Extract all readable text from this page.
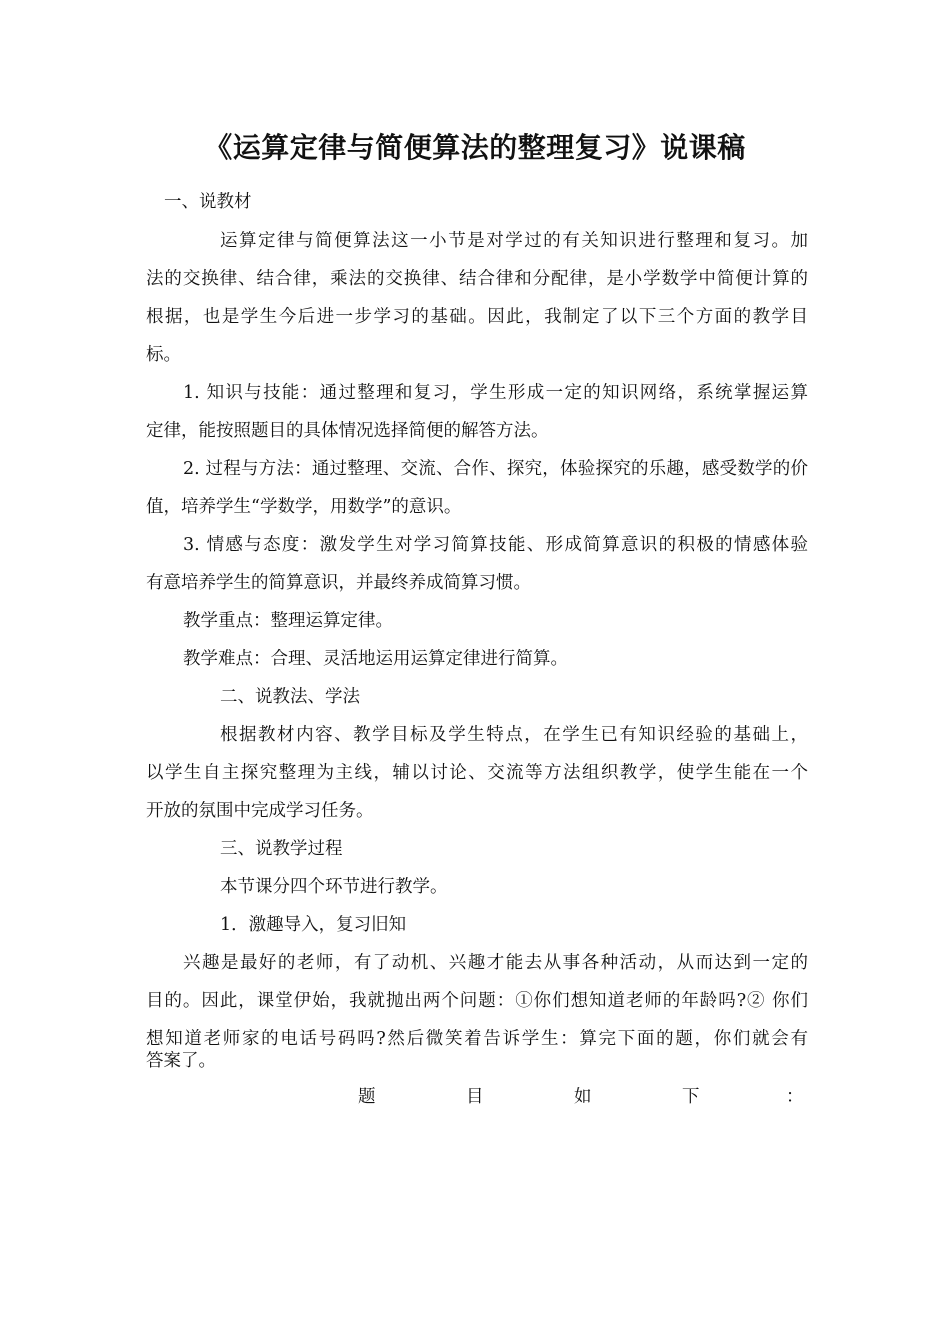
《运算定律与简便算法的整理复习》说课稿
一、说教材
运算定律与简便算法这一小节是对学过的有关知识进行整理和复习。加
法的交换律、结合律，乘法的交换律、结合律和分配律，是小学数学中简便计算的
根据，也是学生今后进一步学习的基础。因此，我制定了以下三个方面的教学目
标。
1. 知识与技能：通过整理和复习，学生形成一定的知识网络，系统掌握运算
定律，能按照题目的具体情况选择简便的解答方法。
2. 过程与方法：通过整理、交流、合作、探究，体验探究的乐趣，感受数学的价
值，培养学生“学数学，用数学”的意识。
3. 情感与态度：激发学生对学习简算技能、形成简算意识的积极的情感体验
有意培养学生的简算意识，并最终养成简算习惯。
教学重点：整理运算定律。
教学难点：合理、灵活地运用运算定律进行简算。
二、说教法、学法
根据教材内容、教学目标及学生特点，在学生已有知识经验的基础上，
以学生自主探究整理为主线，辅以讨论、交流等方法组织教学，使学生能在一个
开放的氛围中完成学习任务。
三、说教学过程
本节课分四个环节进行教学。
1．激趣导入，复习旧知
兴趣是最好的老师，有了动机、兴趣才能去从事各种活动，从而达到一定的
目的。因此，课堂伊始，我就抛出两个问题：①你们想知道老师的年龄吗?② 你们
想知道老师家的电话号码吗?然后微笑着告诉学生：算完下面的题，你们就会有
答案了。
题	目	如	下	：
